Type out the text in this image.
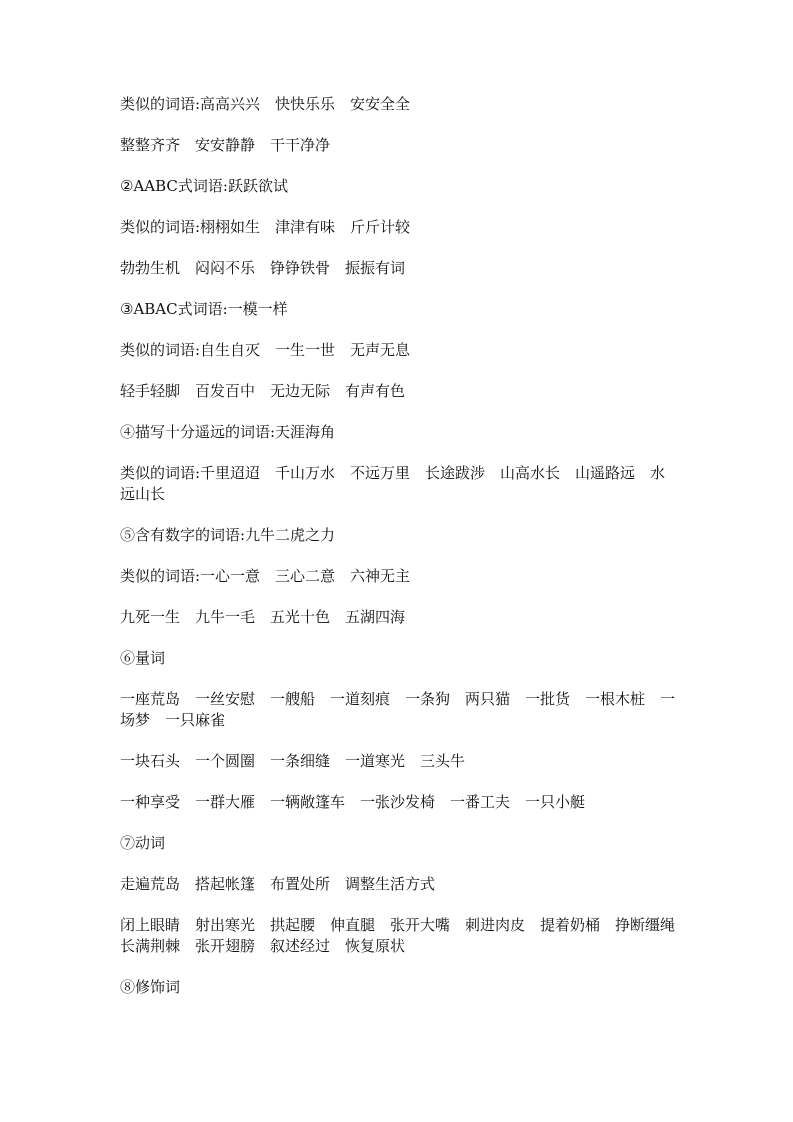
类似的词语:高高兴兴　快快乐乐　安安全全

整整齐齐　安安静静　干干净净

②AABC式词语:跃跃欲试

类似的词语:栩栩如生　津津有味　斤斤计较

勃勃生机　闷闷不乐　铮铮铁骨　振振有词

③ABAC式词语:一模一样

类似的词语:自生自灭　一生一世　无声无息

轻手轻脚　百发百中　无边无际　有声有色

④描写十分遥远的词语:天涯海角

类似的词语:千里迢迢　千山万水　不远万里　长途跋涉　山高水长　山遥路远　水远山长

⑤含有数字的词语:九牛二虎之力

类似的词语:一心一意　三心二意　六神无主

九死一生　九牛一毛　五光十色　五湖四海

⑥量词

一座荒岛　一丝安慰　一艘船　一道刻痕　一条狗　两只猫　一批货　一根木桩　一场梦　一只麻雀

一块石头　一个圆圈　一条细缝　一道寒光　三头牛

一种享受　一群大雁　一辆敞篷车　一张沙发椅　一番工夫　一只小艇

⑦动词

走遍荒岛　搭起帐篷　布置处所　调整生活方式

闭上眼睛　射出寒光　拱起腰　伸直腿　张开大嘴　刺进肉皮　提着奶桶　挣断缰绳　长满荆棘　张开翅膀　叙述经过　恢复原状

⑧修饰词
